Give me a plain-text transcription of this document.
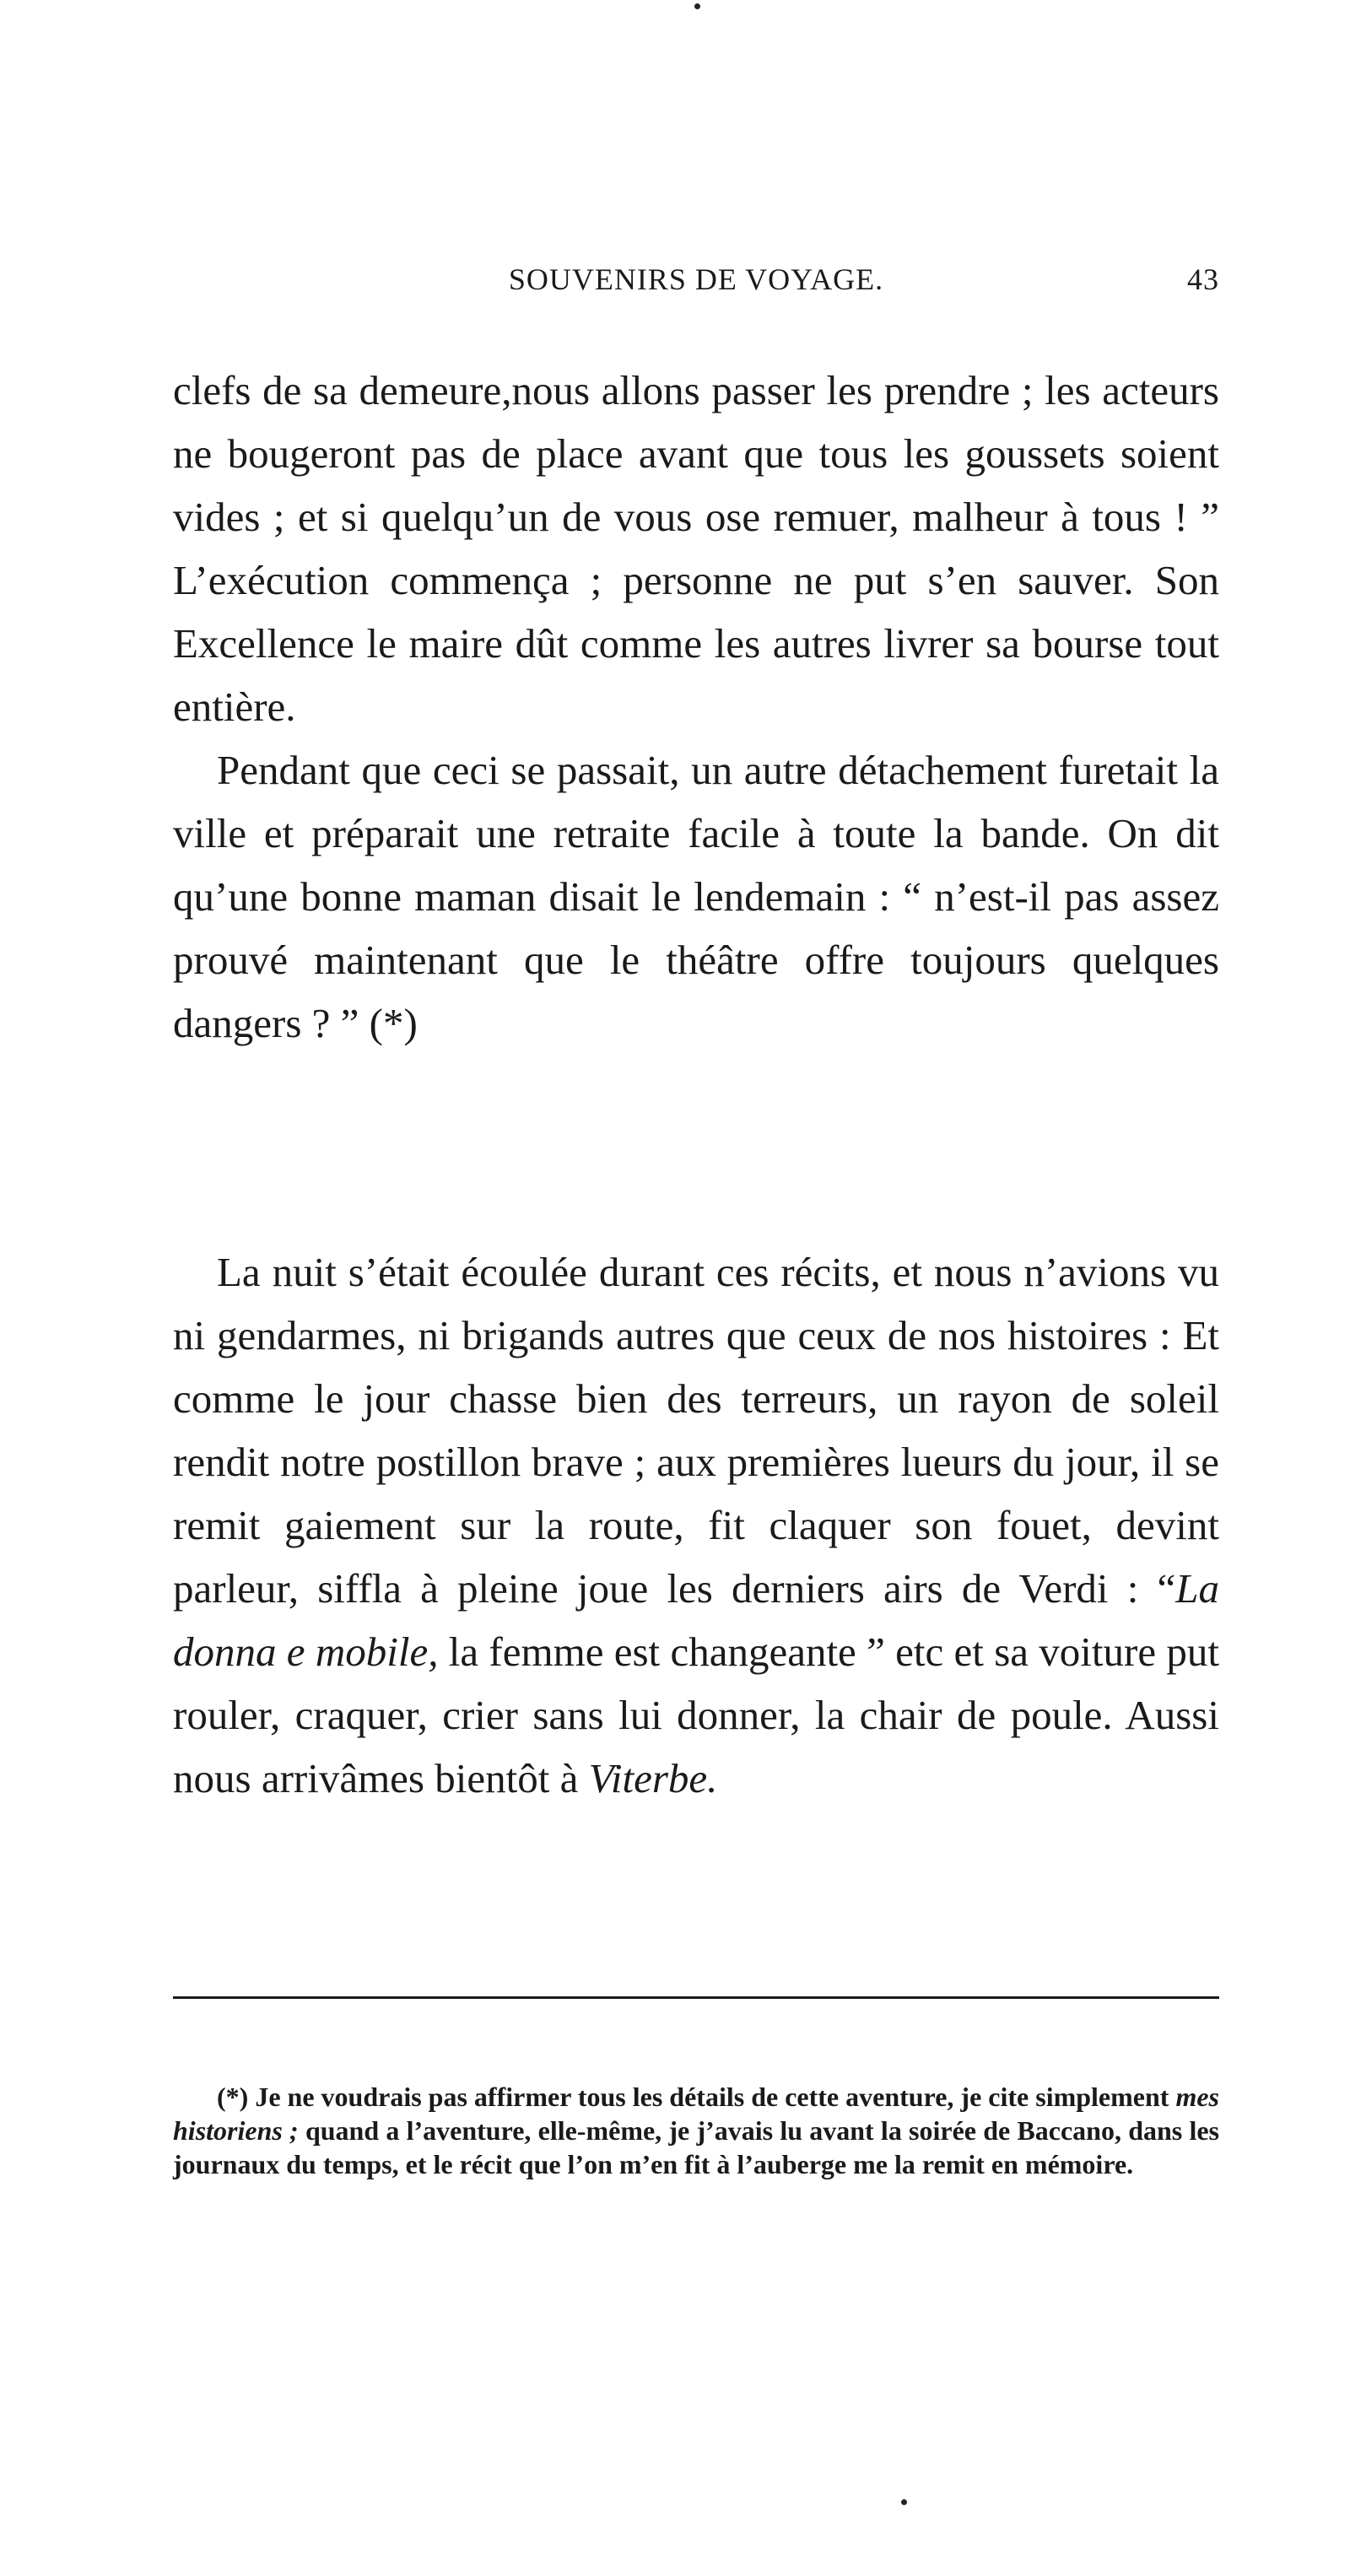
SOUVENIRS DE VOYAGE.	43

clefs de sa demeure,nous allons passer les prendre ; les acteurs ne bougeront pas de place avant que tous les goussets soient vides ; et si quelqu’un de vous ose remuer, malheur à tous ! ” L’exécution commença ; personne ne put s’en sauver. Son Excellence le maire dût comme les autres livrer sa bourse tout entière.

Pendant que ceci se passait, un autre détachement furetait la ville et préparait une retraite facile à toute la bande. On dit qu’une bonne maman disait le lendemain : “ n’est-il pas assez prouvé maintenant que le théâtre offre toujours quelques dangers ? ” (*)

La nuit s’était écoulée durant ces récits, et nous n’avions vu ni gendarmes, ni brigands autres que ceux de nos histoires : Et comme le jour chasse bien des terreurs, un rayon de soleil rendit notre postillon brave ; aux premières lueurs du jour, il se remit gaiement sur la route, fit claquer son fouet, devint parleur, siffla à pleine joue les derniers airs de Verdi : “La donna e mobile, la femme est changeante ” etc et sa voiture put rouler, craquer, crier sans lui donner, la chair de poule. Aussi nous arrivâmes bientôt à Viterbe.

(*) Je ne voudrais pas affirmer tous les détails de cette aventure, je cite simplement mes historiens ; quand a l’aventure, elle-même, je j’avais lu avant la soirée de Baccano, dans les journaux du temps, et le récit que l’on m’en fit à l’auberge me la remit en mémoire.
